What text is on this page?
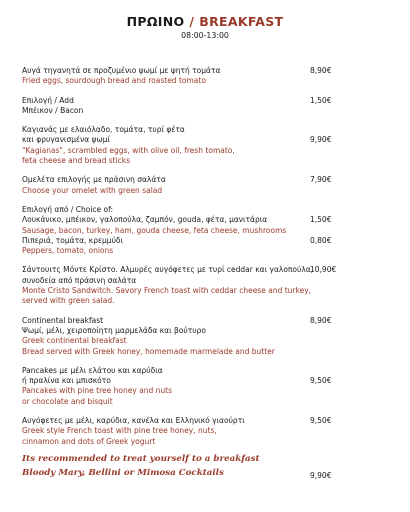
ΠΡΩΙΝΟ / BREAKFAST
08:00-13:00
Αυγά τηγανητά σε προζυμένιο ψωμί με ψητή τομάτα	8,90€
Fried eggs, sourdough bread and roasted tomato
Επιλογή / Add	1,50€
Μπέικον / Bacon
Καγιανάς με ελαιόλαδο, τομάτα, τυρί φέτα
και φρυγανισμένα ψωμί	9,90€
"Kagianas", scrambled eggs, with olive oil, fresh tomato,
feta cheese and bread sticks
Ομελέτα επιλογής με πράσινη σαλάτα	7,90€
Choose your omelet with green salad
Επιλογή από / Choice of:
Λουκάνικο, μπέικον, γαλοπούλα, ζαμπόν, gouda, φέτα, μανιτάρια	1,50€
Sausage, bacon, turkey, ham, gouda cheese, feta cheese, mushrooms
Πιπεριά, τομάτα, κρεμμύδι	0,80€
Peppers, tomato, onions
Σάντουιτς Μόντε Κρίστο. Αλμυρές αυγόφετες με τυρί ceddar και γαλοπούλα,
10,90€
συνοδεία από πράσινη σαλάτα
Monte Cristo Sandwitch. Savory French toast with ceddar cheese and turkey,
served with green salad.
Continental breakfast	8,90€
Ψωμί, μέλι, χειροποίητη μαρμελάδα και βούτυρο
Greek continental breakfast
Bread served with Greek honey, homemade marmelade and butter
Pancakes με μέλι ελάτου και καρύδια
ή πραλίνα και μπισκότο	9,50€
Pancakes with pine tree honey and nuts
or chocolate and bisquit
Αυγόφετες με μέλι, καρύδια, κανέλα και Ελληνικό γιαούρτι	9,50€
Greek style French toast with pine tree honey, nuts,
cinnamon and dots of Greek yogurt
Its recommended to treat yourself to a breakfast
Bloody Mary, Bellini or Mimosa Cocktails	9,90€
